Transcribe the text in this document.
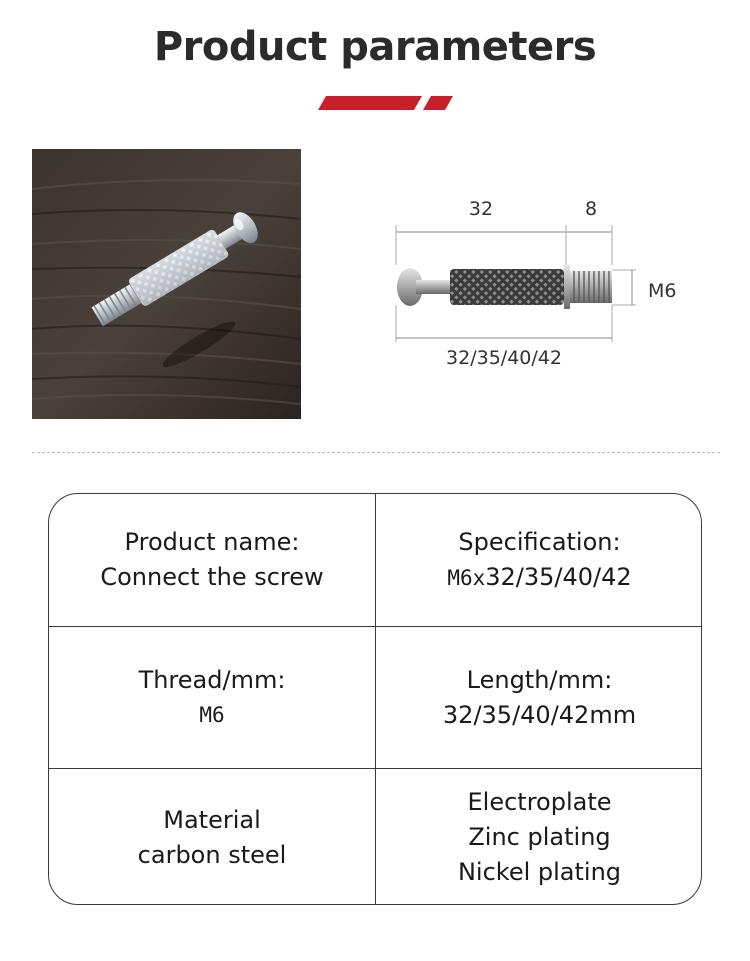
Product parameters
32	8
M6
32/35/40/42
Product name:
Connect the screw
Specification:
M6x32/35/40/42
Thread/mm:
M6
Length/mm:
32/35/40/42mm
Material
carbon steel
Electroplate
Zinc plating
Nickel plating
